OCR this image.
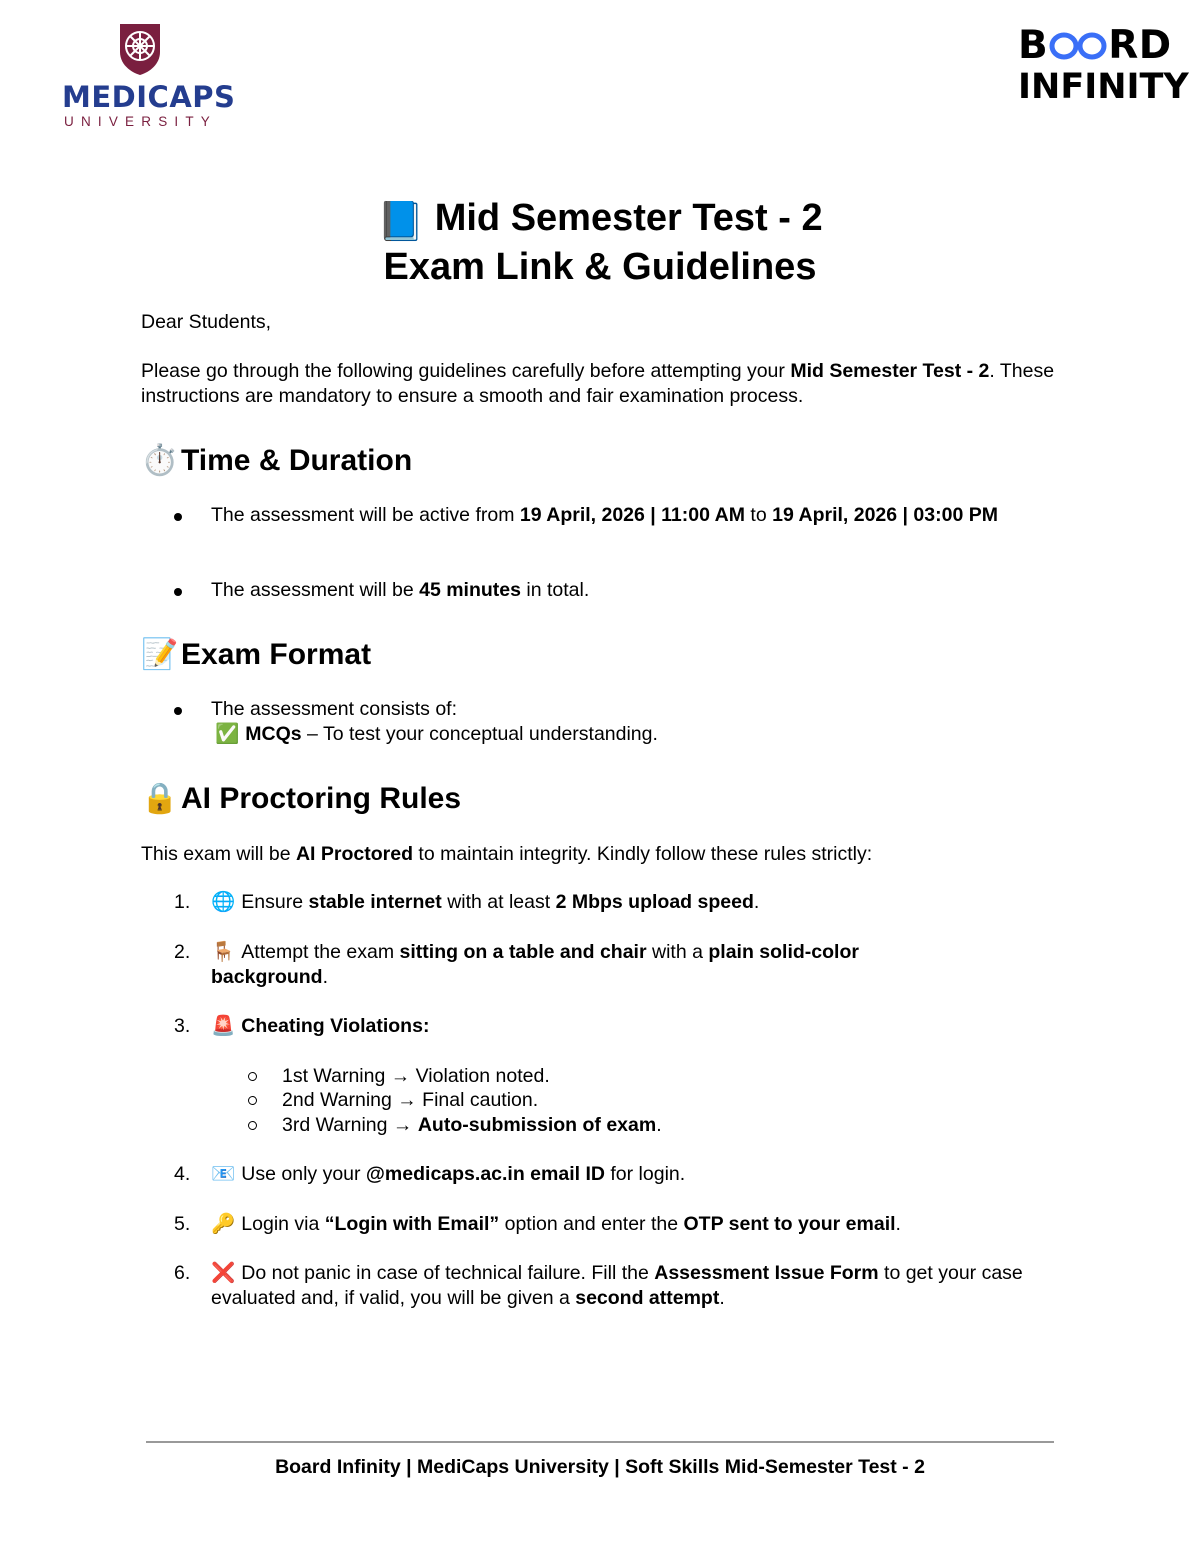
MEDICAPS
UNIVERSITY
B RD
INFINITY
📘 Mid Semester Test - 2
Exam Link & Guidelines
Dear Students,
Please go through the following guidelines carefully before attempting your Mid Semester Test - 2. These instructions are mandatory to ensure a smooth and fair examination process.
⏱️Time & Duration
The assessment will be active from 19 April, 2026 | 11:00 AM to 19 April, 2026 | 03:00 PM
The assessment will be 45 minutes in total.
📝Exam Format
The assessment consists of:
✅ MCQs – To test your conceptual understanding.
🔒AI Proctoring Rules
This exam will be AI Proctored to maintain integrity. Kindly follow these rules strictly:
1. 🌐 Ensure stable internet with at least 2 Mbps upload speed.
2. 🪑 Attempt the exam sitting on a table and chair with a plain solid-color background.
3. 🚨 Cheating Violations:
1st Warning → Violation noted.
2nd Warning → Final caution.
3rd Warning → Auto-submission of exam.
4. 📧 Use only your @medicaps.ac.in email ID for login.
5. 🔑 Login via “Login with Email” option and enter the OTP sent to your email.
6. ❌ Do not panic in case of technical failure. Fill the Assessment Issue Form to get your case evaluated and, if valid, you will be given a second attempt.
Board Infinity | MediCaps University | Soft Skills Mid-Semester Test - 2
